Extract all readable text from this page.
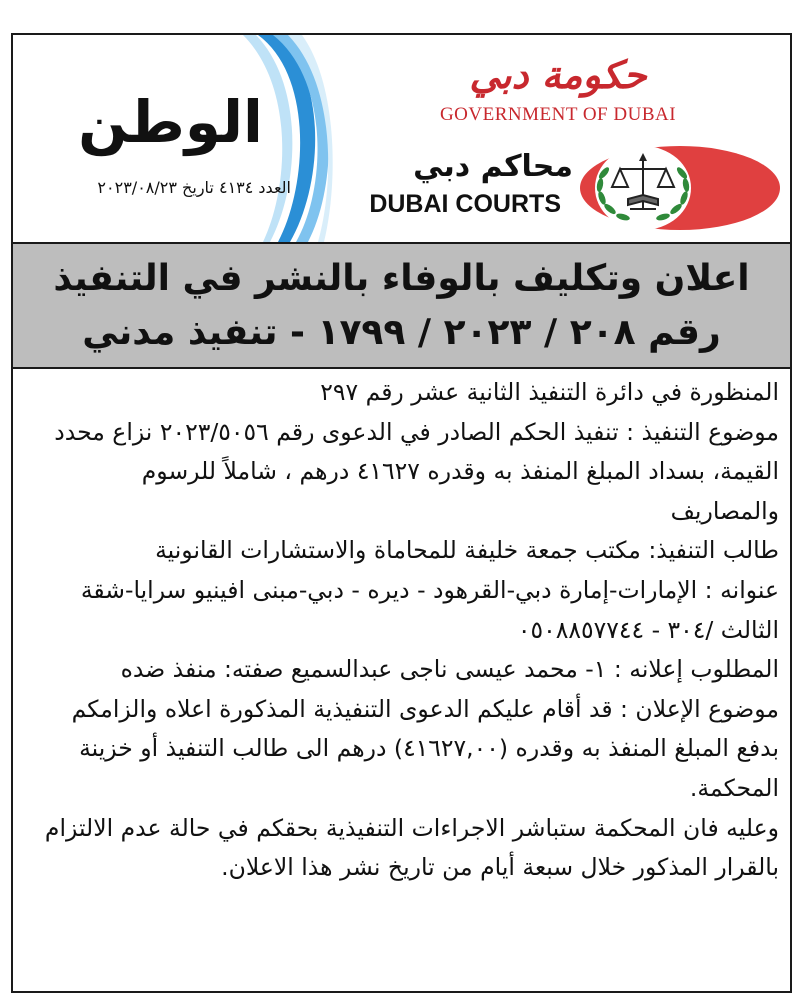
الوطن
العدد ٤١٣٤ تاريخ ٢٠٢٣/٠٨/٢٣
حكومة دبي
GOVERNMENT OF DUBAI
محاكم دبي
DUBAI COURTS
اعلان وتكليف بالوفاء بالنشر في التنفيذ
رقم ٢٠٨ / ٢٠٢٣ / ١٧٩٩ - تنفيذ مدني
المنظورة في دائرة التنفيذ الثانية عشر رقم ٢٩٧
موضوع التنفيذ : تنفيذ الحكم الصادر في الدعوى رقم ٢٠٢٣/٥٠٥٦ نزاع محدد القيمة، بسداد المبلغ المنفذ به وقدره ٤١٦٢٧ درهم ، شاملاً للرسوم والمصاريف
طالب التنفيذ: مكتب جمعة خليفة للمحاماة والاستشارات القانونية
عنوانه : الإمارات-إمارة دبي-القرهود - ديره - دبي-مبنى افينيو سرايا-شقة الثالث /٣٠٤ - ٠٥٠٨٨٥٧٧٤٤
المطلوب إعلانه : ١- محمد عيسى ناجى عبدالسميع صفته: منفذ ضده
موضوع الإعلان : قد أقام عليكم الدعوى التنفيذية المذكورة اعلاه والزامكم بدفع المبلغ المنفذ به وقدره (٤١٦٢٧,٠٠) درهم الى طالب التنفيذ أو خزينة المحكمة.
وعليه فان المحكمة ستباشر الاجراءات التنفيذية بحقكم في حالة عدم الالتزام بالقرار المذكور خلال سبعة أيام من تاريخ نشر هذا الاعلان.
